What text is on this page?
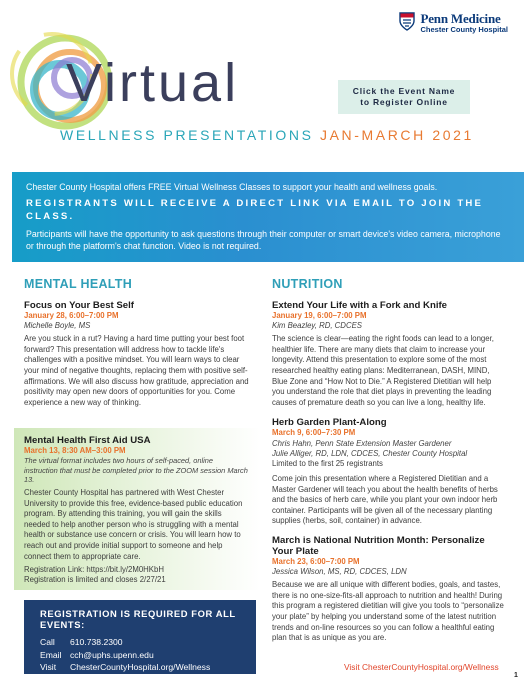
Penn Medicine
Chester County Hospital
Virtual	Click the Event Name
to Register Online
WELLNESS PRESENTATIONS JAN-MARCH 2021

Chester County Hospital offers FREE Virtual Wellness Classes to support your health and wellness goals.

REGISTRANTS WILL RECEIVE A DIRECT LINK VIA EMAIL TO JOIN THE CLASS.

Participants will have the opportunity to ask questions through their computer or smart device's video camera, microphone or through the platform's chat function. Video is not required.

MENTAL HEALTH	NUTRITION
Focus on Your Best Self
January 28, 6:00–7:00 PM
Michelle Boyle, MS
Are you stuck in a rut? Having a hard time putting your best foot forward? This presentation will address how to tackle life's challenges with a positive mindset. You will learn ways to clear your mind of negative thoughts, replacing them with positive self-affirmations. We will also discuss how gratitude, appreciation and positivity may open new doors of opportunities for you. Come experience a new way of thinking.
Mental Health First Aid USA
March 13, 8:30 AM–3:00 PM
The virtual format includes two hours of self-paced, online instruction that must be completed prior to the ZOOM session March 13.
Chester County Hospital has partnered with West Chester University to provide this free, evidence-based public education program. By attending this training, you will gain the skills needed to help another person who is struggling with a mental health or substance use concern or crisis. You will learn how to reach out and provide initial support to someone and help connect them to appropriate care.
Registration Link: https://bit.ly/2M0HKbH
Registration is limited and closes 2/27/21
REGISTRATION IS REQUIRED FOR ALL EVENTS:
Call	610.738.2300
Email cch@uphs.upenn.edu
Visit	ChesterCountyHospital.org/Wellness
Extend Your Life with a Fork and Knife
January 19, 6:00–7:00 PM
Kim Beazley, RD, CDCES
The science is clear—eating the right foods can lead to a longer, healthier life. There are many diets that claim to increase your longevity. Attend this presentation to explore some of the most researched healthy eating plans: Mediterranean, DASH, MIND, Blue Zone and “How Not to Die.” A Registered Dietitian will help you understand the role that diet plays in preventing the leading causes of premature death so you can live a long, healthy life.
Herb Garden Plant-Along
March 9, 6:00–7:30 PM
Chris Hahn, Penn State Extension Master Gardener
Julie Alliger, RD, LDN, CDCES, Chester County Hospital
Limited to the first 25 registrants
Come join this presentation where a Registered Dietitian and a Master Gardener will teach you about the health benefits of herbs and the basics of herb care, while you plant your own indoor herb container. Participants will be given all of the necessary planting supplies (herbs, soil, container) in advance.
March is National Nutrition Month: Personalize Your Plate
March 23, 6:00–7:00 PM
Jessica Wilson, MS, RD, CDCES, LDN
Because we are all unique with different bodies, goals, and tastes, there is no one-size-fits-all approach to nutrition and health! During this program a registered dietitian will give you tools to “personalize your plate” by helping you understand some of the latest nutrition trends and on-line resources so you can follow a healthful eating plan that is as unique as you are.
Visit ChesterCountyHospital.org/Wellness
1
